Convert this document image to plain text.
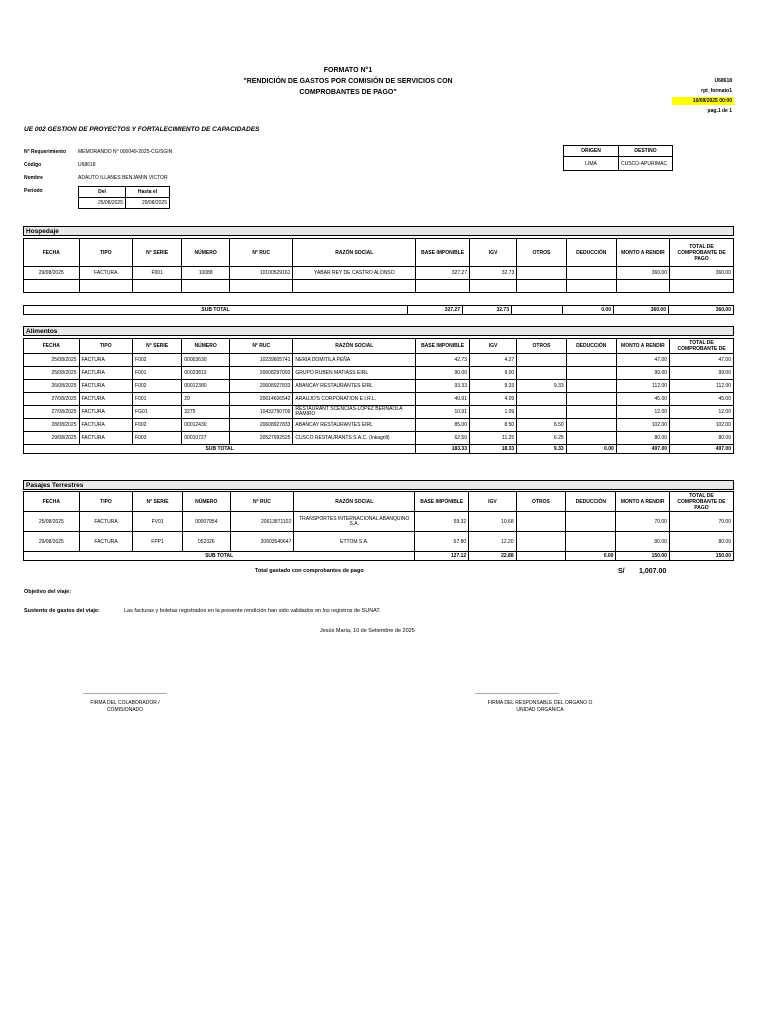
FORMATO N°1
"RENDICIÓN DE GASTOS POR COMISIÓN DE SERVICIOS CON
COMPROBANTES DE PAGO"
U68618
rpt_formato1
10/09/2025 00:00
pag.1 de 1
UE 002 GESTION DE PROYECTOS Y FORTALECIMIENTO DE CAPACIDADES
N° Requerimiento MEMORANDO N° 000049-2025-CG/SGIN
Código	U68618
Nombre	ADAUTO ILLANES BENJAMIN VICTOR
Periodo	Del	Hasta el
25/08/2025	29/08/2025
ORIGEN	DESTINO
LIMA	CUSCO-APURIMAC
Hospedaje
FECHA	TIPO	N° SERIE	NÚMERO	N° RUC	RAZÓN SOCIAL	BASE IMPONIBLE	IGV	OTROS	DEDUCCIÓN	MONTO A RENDIR	TOTAL DE COMPROBANTE DE PAGO
29/08/2025	FACTURA	F001	10088	10100529161	YABAR REY DE CASTRO ALONSO	327.27	32.73			360.00	360.00

SUB TOTAL	327.27	32.73		0.00	360.00	360.00
Alimentos
FECHA	TIPO	N° SERIE	NÚMERO	N° RUC	RAZÓN SOCIAL	BASE IMPONIBLE	IGV	OTROS	DEDUCCIÓN	MONTO A RENDIR	TOTAL DE COMPROBANTE DE
25/08/2025	FACTURA	F002	00003630	10239605741	NERIA DOMITILA PEÑA	42.73	4.27			47.00	47.00
25/08/2025	FACTURA	F001	00023813	20608297093	GRUPO RUBEN MATIASS EIRL	90.00	9.00			99.00	99.00
26/08/2025	FACTURA	F002	00012380	20608927833	ABANCAY RESTAURANTES EIRL	93.33	9.33	9.33		112.00	112.00
27/08/2025	FACTURA	F001	29	20614606542	ARAUJO'S CORPORATION E.I.R.L.	40.91	4.09			45.00	45.00
27/08/2025	FACTURA	FG01	3275	10432790709	RESTAURANT SCENCIAS-LOPEZ BERNAOLA RAMIRO	10.91	1.09			12.00	12.00
28/08/2025	FACTURA	F002	00012430	20608927833	ABANCAY RESTAURANTES EIRL	85.00	8.50	8.50		102.00	102.00
29/08/2025	FACTURA	F003	00010727	20527992525	CUSCO RESTAURANTS S.A.C. (Inkagrill)	62.50	11.25	6.25		80.00	80.00
SUB TOTAL						183.33	18.33	9.33	0.00	497.00	497.00
Pasajes Terrestres
FECHA	TIPO	N° SERIE	NÚMERO	N° RUC	RAZÓN SOCIAL	BASE IMPONIBLE	IGV	OTROS	DEDUCCIÓN	MONTO A RENDIR	TOTAL DE COMPROBANTE DE PAGO
25/08/2025	FACTURA	FV01	00007954	20613871102	TRANSPORTES INTERNACIONAL ABANQUINO S.A.	59.32	10.68			70.00	70.00
29/08/2025	FACTURA	FPP1	052326	20603540647	ETTOM S.A.	67.80	12.20			80.00	80.00
SUB TOTAL						127.12	22.88		0.00	150.00	150.00
Total gastado con comprobantes de pago	S/ 1,007.00
Objetivo del viaje:
Sustento de gastos del viaje:	Las facturas y boletas registrados en la presente rendición han sido validados en los registros de SUNAT.
Jesús María, 10 de Setiembre de 2025
______________________________
FIRMA DEL COLABORADOR /
COMISIONADO
______________________________
FIRMA DEL RESPONSABLE DEL ORGANO O
UNIDAD ORGANICA
